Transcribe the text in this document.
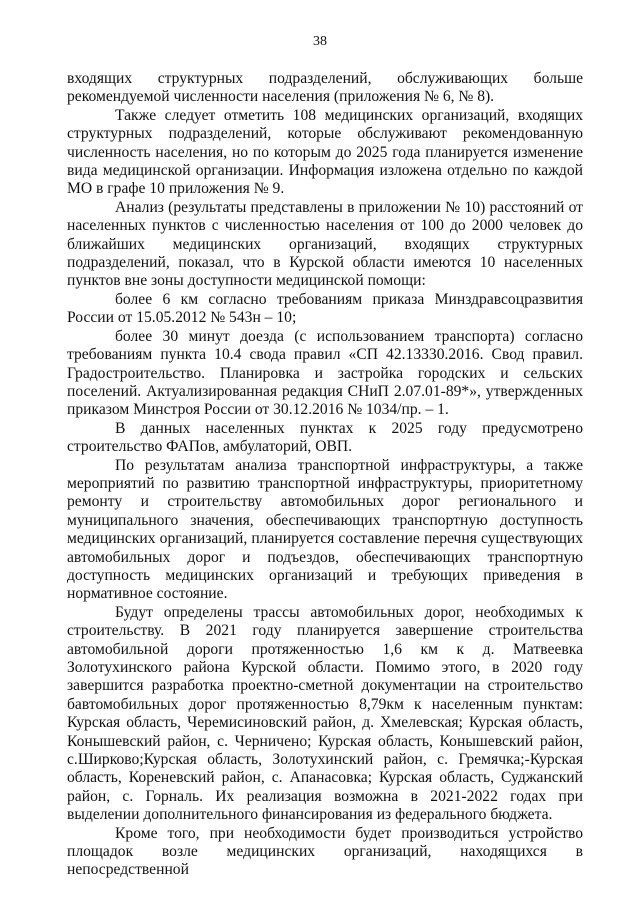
38

входящих структурных подразделений, обслуживающих больше рекомендуемой численности населения (приложения № 6, № 8).

Также следует отметить 108 медицинских организаций, входящих структурных подразделений, которые обслуживают рекомендованную численность населения, но по которым до 2025 года планируется изменение вида медицинской организации. Информация изложена отдельно по каждой МО в графе 10 приложения № 9.

Анализ (результаты представлены в приложении № 10) расстояний от населенных пунктов с численностью населения от 100 до 2000 человек до ближайших медицинских организаций, входящих структурных подразделений, показал, что в Курской области имеются 10 населенных пунктов вне зоны доступности медицинской помощи:

более 6 км согласно требованиям приказа Минздравсоцразвития России от 15.05.2012 № 543н – 10;

более 30 минут доезда (с использованием транспорта) согласно требованиям пункта 10.4 свода правил «СП 42.13330.2016. Свод правил. Градостроительство. Планировка и застройка городских и сельских поселений. Актуализированная редакция СНиП 2.07.01-89*», утвержденных приказом Минстроя России от 30.12.2016 № 1034/пр. – 1.

В данных населенных пунктах к 2025 году предусмотрено строительство ФАПов, амбулаторий, ОВП.

По результатам анализа транспортной инфраструктуры, а также мероприятий по развитию транспортной инфраструктуры, приоритетному ремонту и строительству автомобильных дорог регионального и муниципального значения, обеспечивающих транспортную доступность медицинских организаций, планируется составление перечня существующих автомобильных дорог и подъездов, обеспечивающих транспортную доступность медицинских организаций и требующих приведения в нормативное состояние.

Будут определены трассы автомобильных дорог, необходимых к строительству. В 2021 году планируется завершение строительства автомобильной дороги протяженностью 1,6 км к д. Матвеевка Золотухинского района Курской области. Помимо этого, в 2020 году завершится разработка проектно-сметной документации на строительство бавтомобильных дорог протяженностью 8,79км к населенным пунктам: Курская область, Черемисиновский район, д. Хмелевская; Курская область, Конышевский район, с. Черничено; Курская область, Конышевский район, с.Ширково;Курская область, Золотухинский район, с. Гремячка;-Курская область, Кореневский район, с. Апанасовка; Курская область, Суджанский район, с. Горналь. Их реализация возможна в 2021-2022 годах при выделении дополнительного финансирования из федерального бюджета.

Кроме того, при необходимости будет производиться устройство площадок возле медицинских организаций, находящихся в непосредственной
